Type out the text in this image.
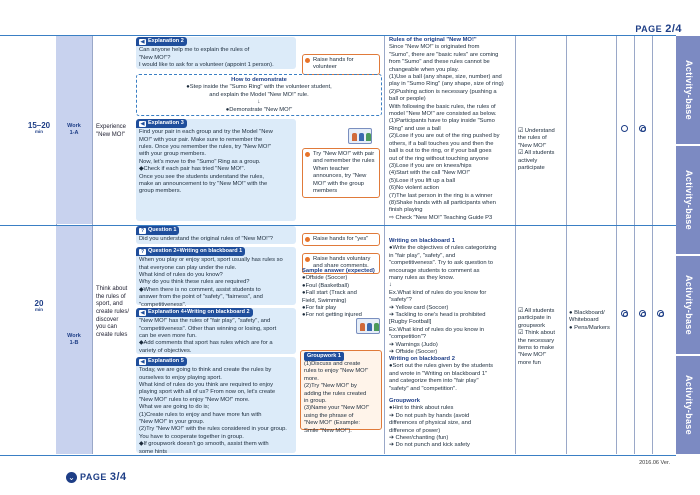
PAGE 2/4
Activity-base
Activity-base
Activity-base
Activity-base
Work
1-A
15–20
min
Experience
"New MO!"
◀ Explanation 2
Can anyone help me to explain the rules of
"New MO!"?
I would like to ask for a volunteer (appoint 1 person).
Raise hands for volunteer
How to demonstrate
●Step inside the "Sumo Ring" with the volunteer student,
and explain the Model "New MO!" rule.
↓
●Demonstrate "New MO!"
◀ Explanation 3
Find your pair in each group and try the Model "New
MO!" with your pair. Make sure to remember the
rules. Once you remember the rules, try "New MO!"
with your group members.
Now, let's move to the "Sumo" Ring as a group.
◆Check if each pair has tried "New MO!".
Once you see the students understand the rules,
make an announcement to try "New MO!" with the
group members.
Try "New MO!" with pair
and remember the rules
When teacher
announces, try "New
MO!" with the group
members
Rules of the original "New MO!"
Since "New MO!" is originated from
"Sumo", there are "basic rules" are coming
from "Sumo" and these rules cannot be
changeable when you play.
(1)Use a ball (any shape, size, number) and
play in "Sumo Ring" (any shape, size of ring)
(2)Pushing action is necessary (pushing a
ball or people)
With following the basic rules, the rules of
model "New MO!" are consisted as below.
(1)Participants have to play inside "Sumo
Ring" and use a ball
(2)Lose if you are out of the ring pushed by
others, if a ball touches you and then the
ball is out to the ring, or if your ball goes
out of the ring without touching anyone
(3)Lose if you are on knees/hips
(4)Start with the call "New MO!"
(5)Lose if you lift up a ball
(6)No violent action
(7)The last person in the ring is a winner
(8)Shake hands with all participants when
finish playing
⇨ Check "New MO!" Teaching Guide P3
☑ Understand
the rules of
"New MO!"
☑ All students
actively
participate
Work
1-B
20
min
Think about
the rules of
sport, and
create rules/
discover
you can
create rules
? Question 1
Did you understand the original rules of "New MO!"?	Raise hands for "yes"
? Question 2+Writing on blackboard 1
When you play or enjoy sport, sport usually has rules so
that everyone can play under the rule.
What kind of rules do you know?
Why do you think these rules are required?
◆When there is no comment, assist students to
answer from the point of "safety", "fairness", and
"competitiveness".
Raise hands voluntary
and share comments.
Sample answer (expected)
●Offside (Soccer)
●Foul (Basketball)
●Fall start (Track and
Field, Swimming)
●For fair play
●For not getting injured
◀ Explanation 4+Writing on blackboard 2
"New MO!" has the rules of "fair play", "safety", and
"competitiveness". Other than winning or losing, sport
can be even more fun.
◆Add comments that sport has rules which are for a
variety of objectives.
◀ Explanation 5
Today, we are going to think and create the rules by
ourselves to enjoy playing sport.
What kind of rules do you think are required to enjoy
playing sport with all of us? From now on, let's create
"New MO!" rules to enjoy "New MO!" more.
What we are going to do is;
(1)Create rules to enjoy and have more fun with
"New MO!" in your group.
(2)Try "New MO!" with the rules considered in your group.
You have to cooperate together in group.
◆If groupwork doesn't go smooth, assist them with
some hints
Groupwork 1
(1)Discuss and create
rules to enjoy "New MO!"
more.
(2)Try "New MO!" by
adding the rules created
in group.
(3)Name your "New MO!"
using the phrase of
"New MO!" (Example:
Smile "New MO!").
Writing on blackboard 1
●Write the objectives of rules categorizing
in "fair play", "safety", and
"competitiveness". Try to ask question to
encourage students to comment as
many rules as they know.
↓
Ex.What kind of rules do you know for
"safety"?
➔ Yellow card (Soccer)
➔ Tackling to one's head is prohibited
[Rugby Football]
Ex.What kind of rules do you know in
"competition"?
➔ Warnings (Judo)
➔ Offside (Soccer)
Writing on blackboard 2
●Sort out the rules given by the students
and wrote in "Writing on blackboard 1"
and categorize them into "fair play"
"safety" and "competition".
Groupwork
●Hint to think about rules
➔ Do not push by hands (avoid
differences of physical size, and
difference of power)
➔ Cheer/chanting (fun)
➔ Do not punch and kick safety
☑ All students
participate in
groupwork
☑ Think about
the necessary
items to make
"New MO!"
more fun
● Blackboard/
Whiteboard
● Pens/Markers
2016.06 Ver.
⌄ PAGE 3/4
